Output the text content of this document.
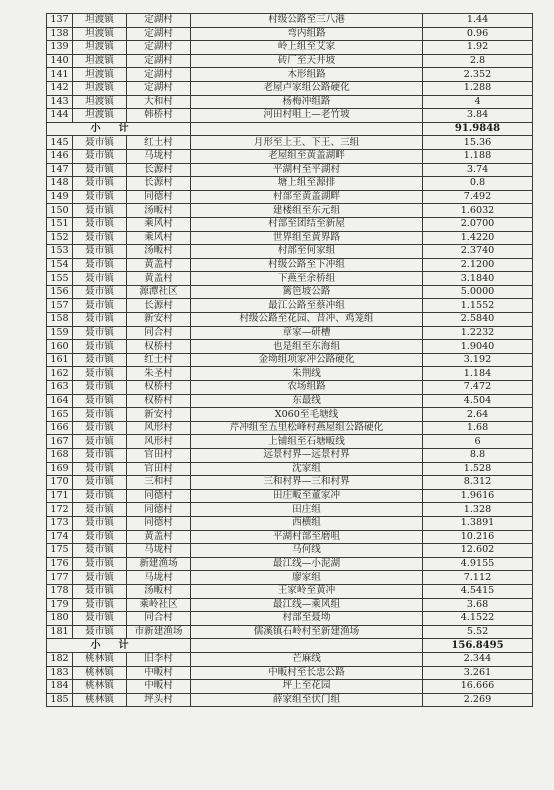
137	坦渡镇	定湖村	村级公路至三八港	1.44
138	坦渡镇	定湖村	弯内组路	0.96
139	坦渡镇	定湖村	岭上组至艾家	1.92
140	坦渡镇	定湖村	砖厂至天井坡	2.8
141	坦渡镇	定湖村	木形组路	2.352
142	坦渡镇	定湖村	老屋卢家组公路硬化	1.288
143	坦渡镇	大和村	杨梅冲组路	4
144	坦渡镇	韩桥村	河田村咀上—老竹坡	3.84
小计				91.9848
145	聂市镇	红土村	月形至上王、下王、三组	15.36
146	聂市镇	马垅村	老屋组至黄盖湖畔	1.188
147	聂市镇	长源村	平湖村至平湖村	3.74
148	聂市镇	长源村	塘上组至源排	0.8
149	聂市镇	同德村	村部至黄盖湖畔	7.492
150	聂市镇	汤畈村	建楼组至东元组	1.6032
151	聂市镇	乘风村	村部至团结至新屋	2.0700
152	聂市镇	乘风村	世界组至黄界路	1.4220
153	聂市镇	汤畈村	村部至何家组	2.3740
154	聂市镇	黄盖村	村级公路至下冲组	2.1200
155	聂市镇	黄盖村	下燕至余桥组	3.1840
156	聂市镇	源潭社区	篱笆坡公路	5.0000
157	聂市镇	长源村	最江公路至蔡冲组	1.1552
158	聂市镇	新安村	村级公路至花园、昔冲、鸡笼组	2.5840
159	聂市镇	同合村	章家—研槽	1.2232
160	聂市镇	权桥村	也是组至东海组	1.9040
161	聂市镇	红土村	金坳组项家冲公路硬化	3.192
162	聂市镇	朱圣村	朱荆线	1.184
163	聂市镇	权桥村	农场组路	7.472
164	聂市镇	权桥村	东最线	4.504
165	聂市镇	新安村	X060至毛塘线	2.64
166	聂市镇	风形村	芹冲组至五里松峰村燕屋组公路硬化	1.68
167	聂市镇	风形村	上铺组至石塘畈线	6
168	聂市镇	官田村	远景村界—远景村界	8.8
169	聂市镇	官田村	沈家组	1.528
170	聂市镇	三和村	三和村界—三和村界	8.312
171	聂市镇	同德村	田庄畈至董家冲	1.9616
172	聂市镇	同德村	田庄组	1.328
173	聂市镇	同德村	西横组	1.3891
174	聂市镇	黄盖村	平湖村部至磨咀	10.216
175	聂市镇	马垅村	马何线	12.602
176	聂市镇	新建渔场	最江线—小泥湖	4.9155
177	聂市镇	马垅村	廖家组	7.112
178	聂市镇	汤畈村	王家岭至黄冲	4.5415
179	聂市镇	乘岭社区	最江线—乘风组	3.68
180	聂市镇	同合村	村部至聂坳	4.1522
181	聂市镇	市新建渔场	儒溪镇石岭村至新建渔场	5.52
小计				156.8495
182	桃林镇	旧李村	芒麻线	2.344
183	桃林镇	中畈村	中畈村至长忠公路	3.261
184	桃林镇	中畈村	坪上至花园	16.666
185	桃林镇	坪头村	薛家组至伏门组	2.269
